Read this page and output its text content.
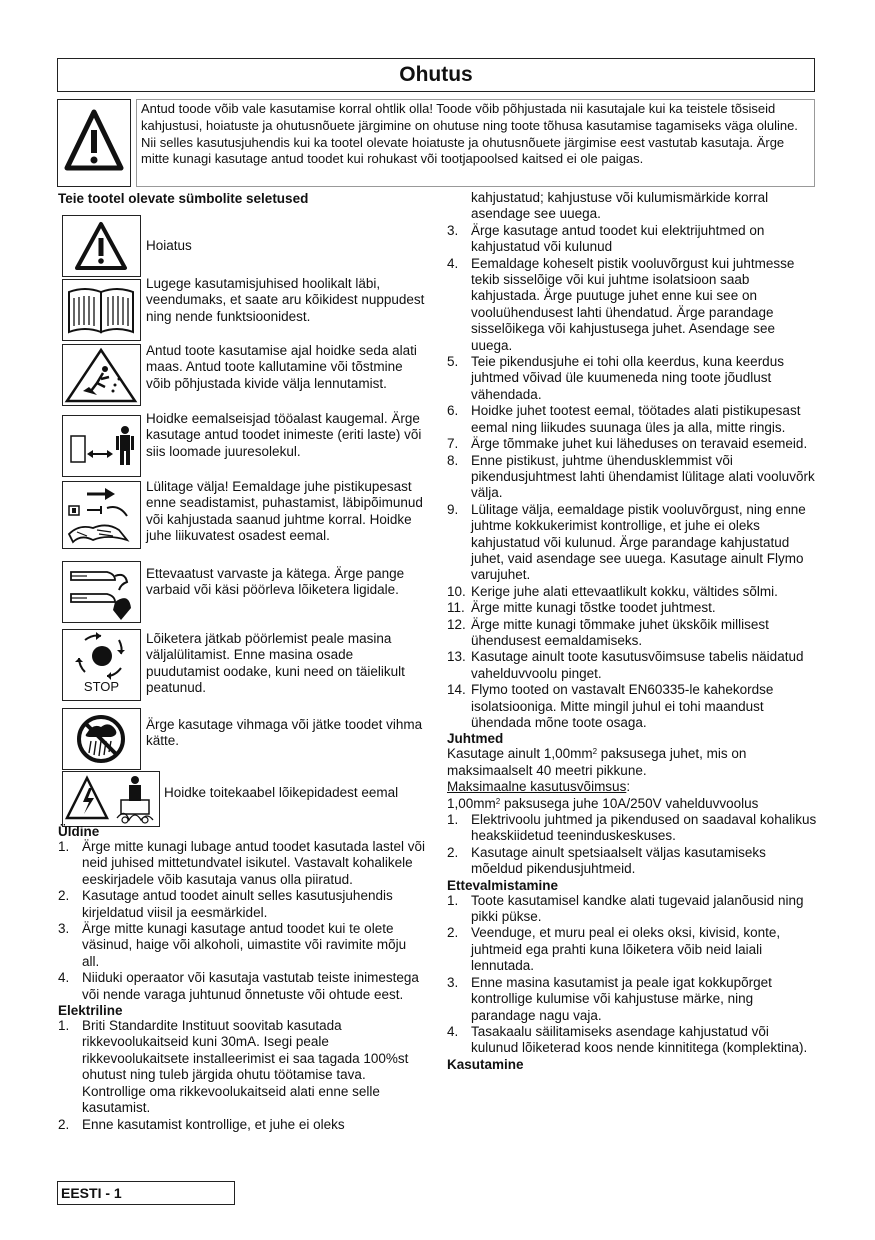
Ohutus
Antud toode võib vale kasutamise korral ohtlik olla! Toode võib põhjustada nii kasutajale kui ka teistele tõsiseid kahjustusi, hoiatuste ja ohutusnõuete järgimine on ohutuse ning toote tõhusa kasutamise tagamiseks väga oluline. Nii selles kasutusjuhendis kui ka tootel olevate hoiatuste ja ohutusnõuete järgimise eest vastutab kasutaja. Ärge mitte kunagi kasutage antud toodet kui rohukast või tootjapoolsed kaitsed ei ole paigas.
Teie tootel olevate sümbolite seletused
Hoiatus
Lugege kasutamisjuhised hoolikalt läbi, veendumaks, et saate aru kõikidest nuppudest ning nende funktsioonidest.
Antud toote kasutamise ajal hoidke seda alati maas. Antud toote kallutamine või tõstmine võib põhjustada kivide välja lennutamist.
Hoidke eemalseisjad tööalast kaugemal. Ärge kasutage antud toodet inimeste (eriti laste) või siis loomade juuresolekul.
Lülitage välja! Eemaldage juhe pistikupesast enne seadistamist, puhastamist, läbipõimunud või kahjustada saanud juhtme korral. Hoidke juhe liikuvatest osadest eemal.
Ettevaatust varvaste ja kätega. Ärge pange varbaid või käsi pöörleva lõiketera ligidale.
STOP
Lõiketera jätkab pöörlemist peale masina väljalülitamist. Enne masina osade puudutamist oodake, kuni need on täielikult peatunud.
Ärge kasutage vihmaga või jätke toodet vihma kätte.
Hoidke toitekaabel lõikepidadest eemal
Üldine
1. Ärge mitte kunagi lubage antud toodet kasutada lastel või neid juhised mittetundvatel isikutel. Vastavalt kohalikele eeskirjadele võib kasutaja vanus olla piiratud.
2. Kasutage antud toodet ainult selles kasutusjuhendis kirjeldatud viisil ja eesmärkidel.
3. Ärge mitte kunagi kasutage antud toodet kui te olete väsinud, haige või alkoholi, uimastite või ravimite mõju all.
4. Niiduki operaator või kasutaja vastutab teiste inimestega või nende varaga juhtunud õnnetuste või ohtude eest.
Elektriline
1. Briti Standardite Instituut soovitab kasutada rikkevoolukaitseid kuni 30mA. Isegi peale rikkevoolukaitsete installeerimist ei saa tagada 100%st ohutust ning tuleb järgida ohutu töötamise tava. Kontrollige oma rikkevoolukaitseid alati enne selle kasutamist.
2. Enne kasutamist kontrollige, et juhe ei oleks
kahjustatud; kahjustuse või kulumismärkide korral asendage see uuega.
3. Ärge kasutage antud toodet kui elektrijuhtmed on kahjustatud või kulunud
4. Eemaldage koheselt pistik vooluvõrgust kui juhtmesse tekib sisselõige või kui juhtme isolatsioon saab kahjustada. Ärge puutuge juhet enne kui see on vooluühendusest lahti ühendatud. Ärge parandage sisselõikega või kahjustusega juhet. Asendage see uuega.
5. Teie pikendusjuhe ei tohi olla keerdus, kuna keerdus juhtmed võivad üle kuumeneda ning toote jõudlust vähendada.
6. Hoidke juhet tootest eemal, töötades alati pistikupesast eemal ning liikudes suunaga üles ja alla, mitte ringis.
7. Ärge tõmmake juhet kui läheduses on teravaid esemeid.
8. Enne pistikust, juhtme ühendusklemmist või pikendusjuhtmest lahti ühendamist lülitage alati vooluvõrk välja.
9. Lülitage välja, eemaldage pistik vooluvõrgust, ning enne juhtme kokkukerimist kontrollige, et juhe ei oleks kahjustatud või kulunud. Ärge parandage kahjustatud juhet, vaid asendage see uuega. Kasutage ainult Flymo varujuhet.
10. Kerige juhe alati ettevaatlikult kokku, vältides sõlmi.
11. Ärge mitte kunagi tõstke toodet juhtmest.
12. Ärge mitte kunagi tõmmake juhet ükskõik millisest ühendusest eemaldamiseks.
13. Kasutage ainult toote kasutusvõimsuse tabelis näidatud vahelduvvoolu pinget.
14. Flymo tooted on vastavalt EN60335-le kahekordse isolatsiooniga. Mitte mingil juhul ei tohi maandust ühendada mõne toote osaga.
Juhtmed
Kasutage ainult $1,00mm^2$ paksusega juhet, mis on maksimaalselt 40 meetri pikkune.
Maksimaalne kasutusvõimsus:
$1,00mm^2$ paksusega juhe 10A/250V vahelduvvoolus
1. Elektrivoolu juhtmed ja pikendused on saadaval kohalikus heakskiidetud teeninduskeskuses.
2. Kasutage ainult spetsiaalselt väljas kasutamiseks mõeldud pikendusjuhtmeid.
Ettevalmistamine
1. Toote kasutamisel kandke alati tugevaid jalanõusid ning pikki pükse.
2. Veenduge, et muru peal ei oleks oksi, kivisid, konte, juhtmeid ega prahti kuna lõiketera võib neid laiali lennutada.
3. Enne masina kasutamist ja peale igat kokkupõrget kontrollige kulumise või kahjustuse märke, ning parandage nagu vaja.
4. Tasakaalu säilitamiseks asendage kahjustatud või kulunud lõiketerad koos nende kinnititega (komplektina).
Kasutamine
EESTI - 1
